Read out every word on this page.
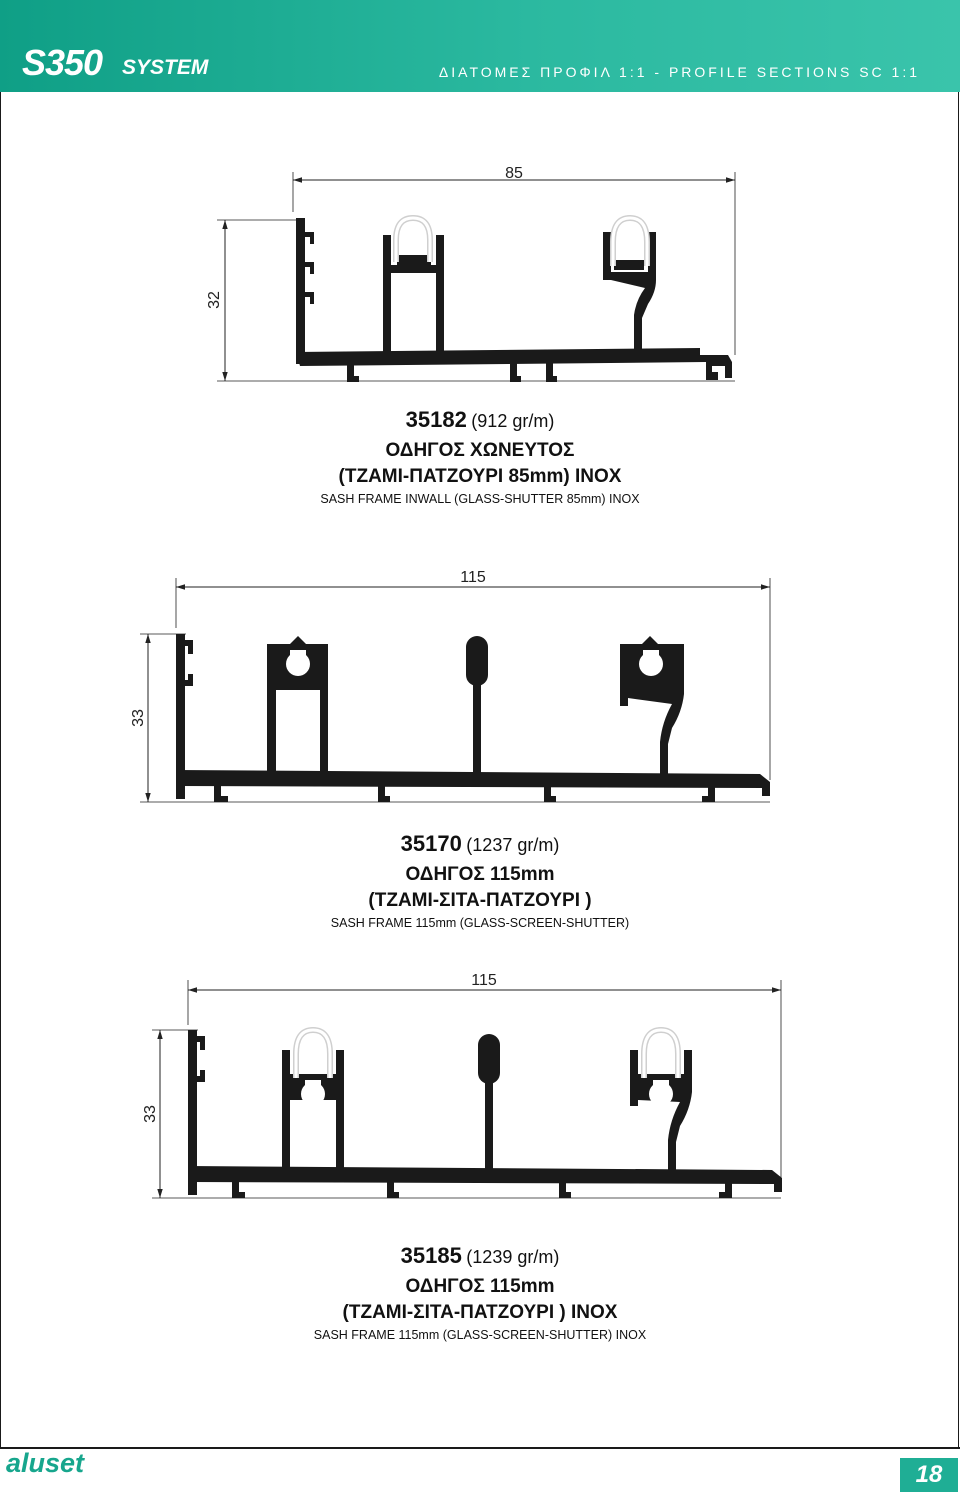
S350 SYSTEM	ΔΙΑΤΟΜΕΣ ΠΡΟΦΙΛ 1:1 - PROFILE SECTIONS SC 1:1
85
32
115
33
115
33
35182 (912 gr/m)
ΟΔΗΓΟΣ ΧΩΝΕΥΤΟΣ
(ΤΖΑΜΙ-ΠΑΤΖΟΥΡΙ 85mm) INOX
SASH FRAME INWALL (GLASS-SHUTTER 85mm) INOX
35170 (1237 gr/m)
ΟΔΗΓΟΣ 115mm
(ΤΖΑΜΙ-ΣΙΤΑ-ΠΑΤΖΟΥΡΙ )
SASH FRAME 115mm (GLASS-SCREEN-SHUTTER)
35185 (1239 gr/m)
ΟΔΗΓΟΣ 115mm
(ΤΖΑΜΙ-ΣΙΤΑ-ΠΑΤΖΟΥΡΙ ) INOX
SASH FRAME 115mm (GLASS-SCREEN-SHUTTER) INOX
aluset	18
